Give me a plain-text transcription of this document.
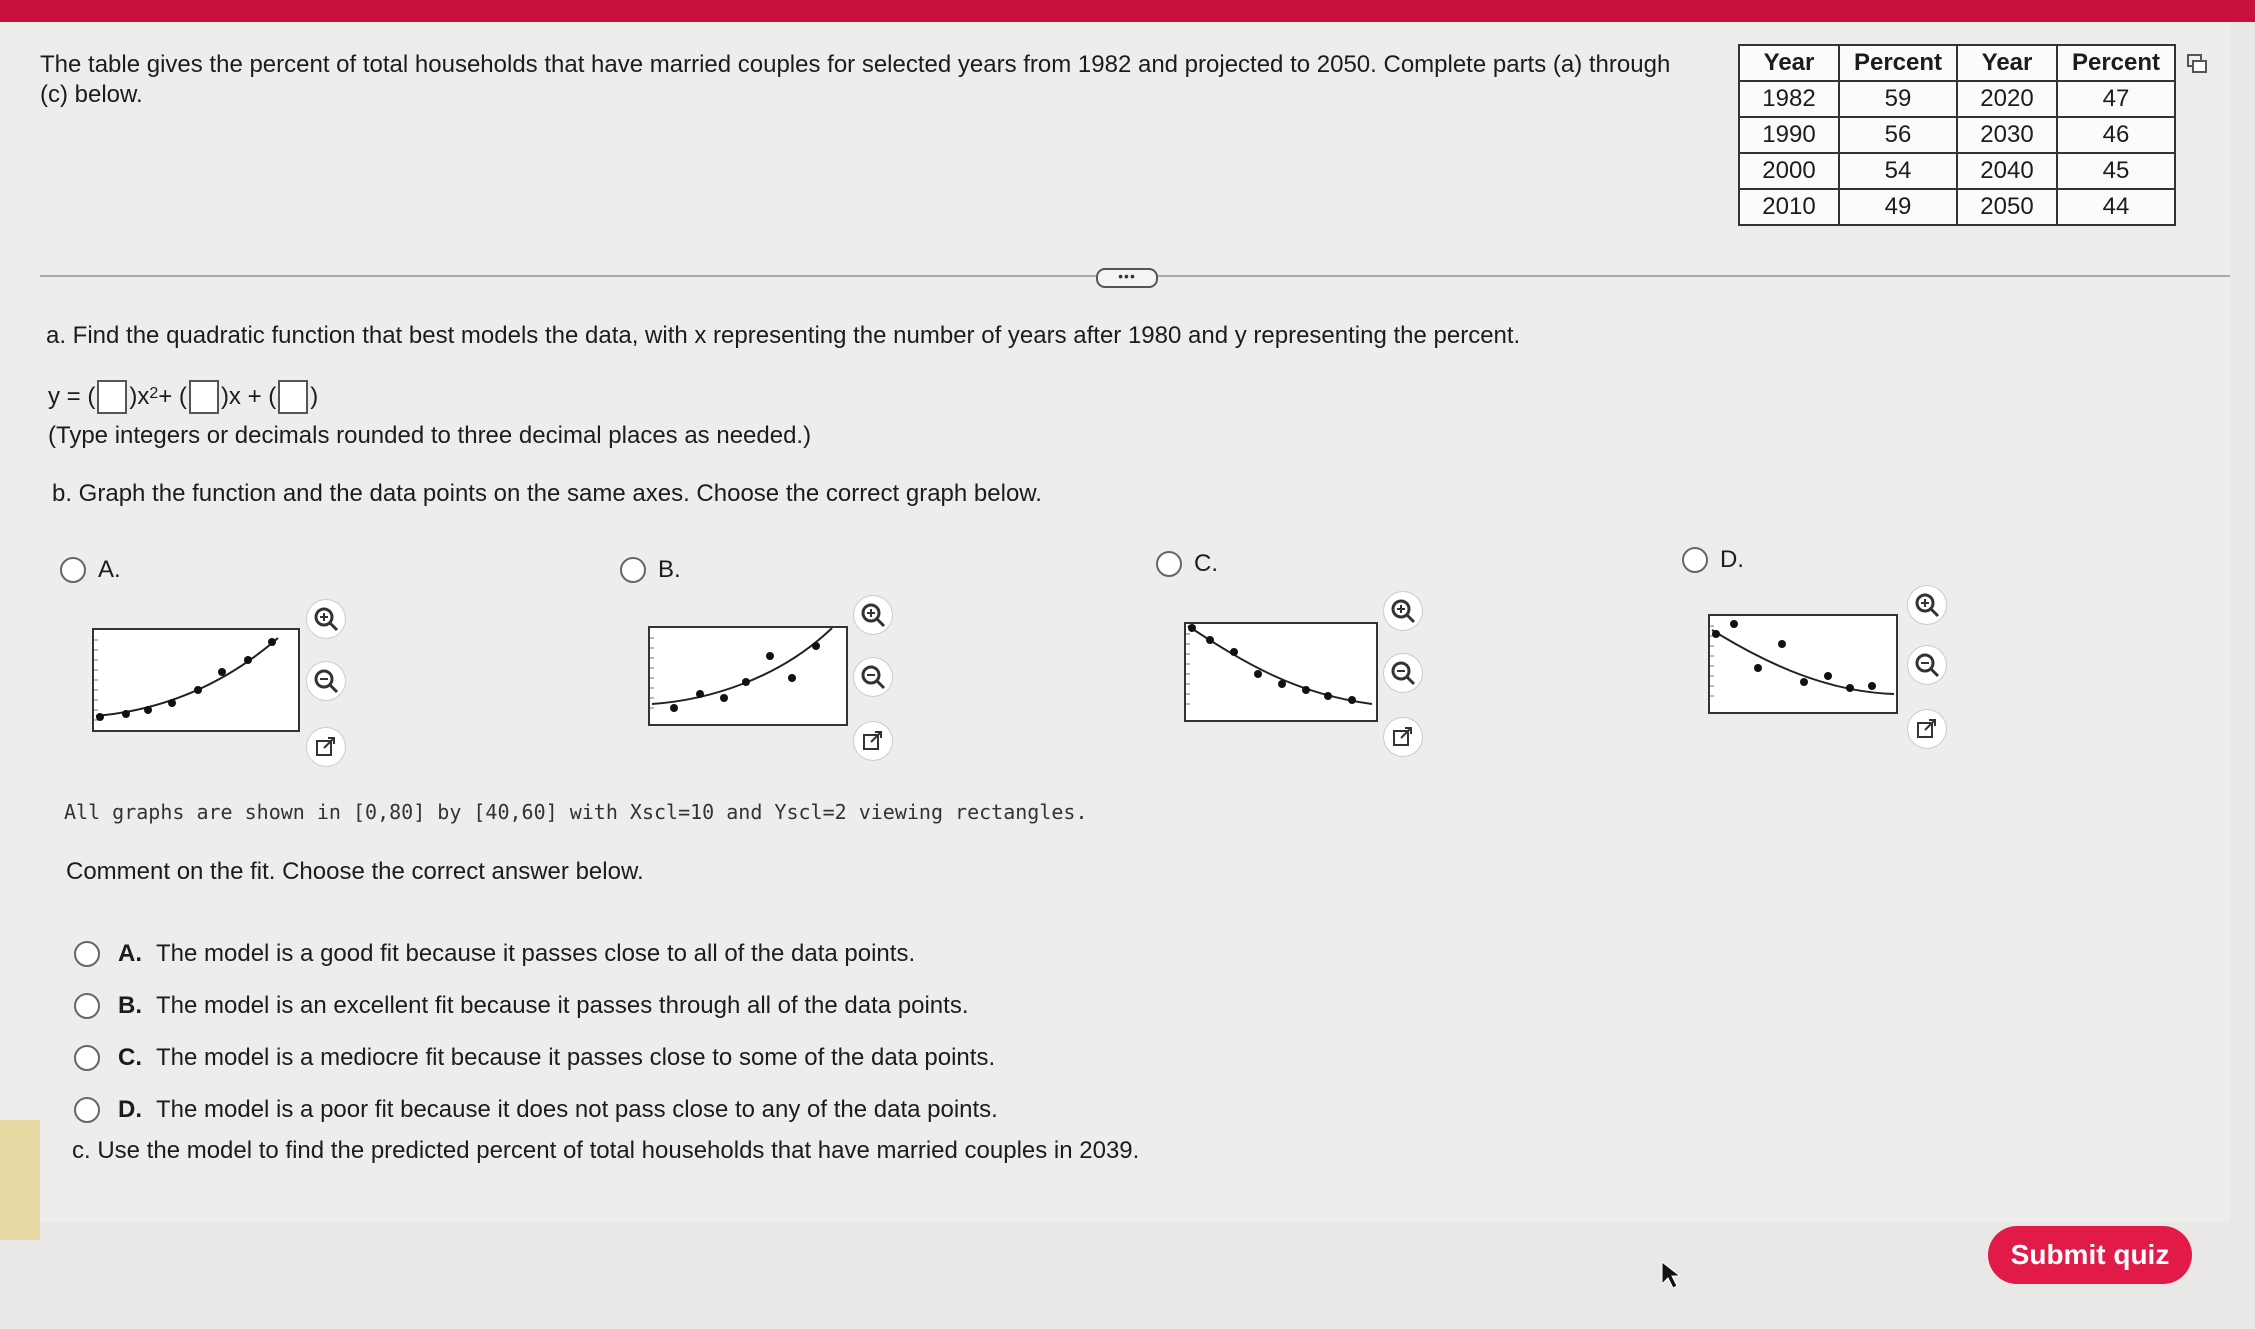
The table gives the percent of total households that have married couples for selected years from 1982 and projected to 2050. Complete parts (a) through (c) below.
Year	Percent	Year	Percent
1982	59	2020	47
1990	56	2030	46
2000	54	2040	45
2010	49	2050	44
•••
a. Find the quadratic function that best models the data, with x representing the number of years after 1980 and y representing the percent.
y = ( )$x^2$ + ( )x + ( )
(Type integers or decimals rounded to three decimal places as needed.)
b. Graph the function and the data points on the same axes. Choose the correct graph below.
A.	B.	C.	D.
All graphs are shown in [0,80] by [40,60] with Xscl=10 and Yscl=2 viewing rectangles.
Comment on the fit. Choose the correct answer below.
A. The model is a good fit because it passes close to all of the data points.
B. The model is an excellent fit because it passes through all of the data points.
C. The model is a mediocre fit because it passes close to some of the data points.
D. The model is a poor fit because it does not pass close to any of the data points.
c. Use the model to find the predicted percent of total households that have married couples in 2039.
Submit quiz
